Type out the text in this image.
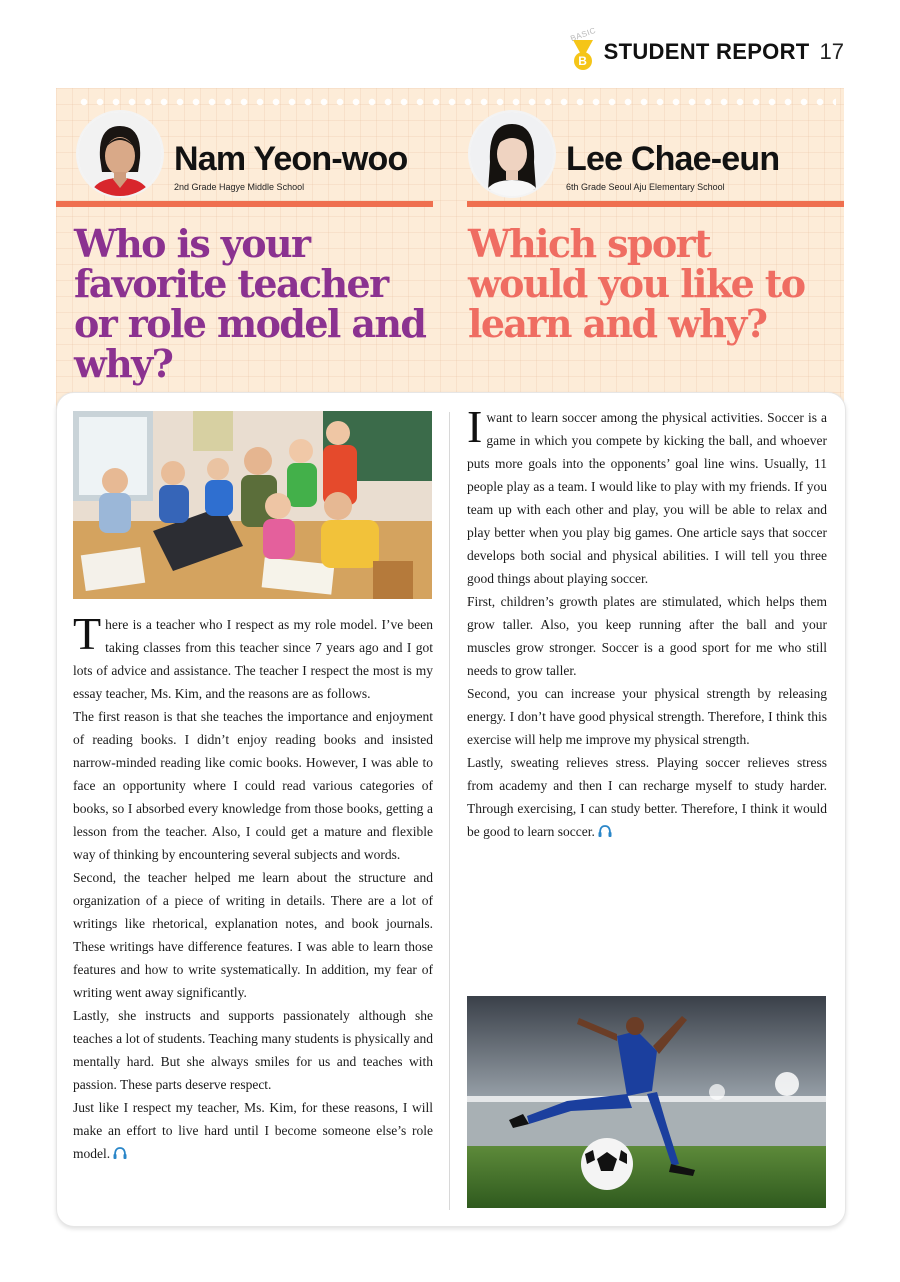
BASIC
B STUDENT REPORT 17
Nam Yeon-woo
2nd Grade Hagye Middle School
Lee Chae-eun
6th Grade Seoul Aju Elementary School
Who is your favorite teacher or role model and why?
Which sport would you like to learn and why?

There is a teacher who I respect as my role model. I’ve been taking classes from this teacher since 7 years ago and I got lots of advice and assistance. The teacher I respect the most is my essay teacher, Ms. Kim, and the reasons are as follows.

The first reason is that she teaches the importance and enjoyment of reading books. I didn’t enjoy reading books and insisted narrow-minded reading like comic books. However, I was able to face an opportunity where I could read various categories of books, so I absorbed every knowledge from those books, getting a lesson from the teacher. Also, I could get a mature and flexible way of thinking by encountering several subjects and words.

Second, the teacher helped me learn about the structure and organization of a piece of writing in details. There are a lot of writings like rhetorical, explanation notes, and book journals. These writings have difference features. I was able to learn those features and how to write systematically. In addition, my fear of writing went away significantly.

Lastly, she instructs and supports passionately although she teaches a lot of students. Teaching many students is physically and mentally hard. But she always smiles for us and teaches with passion. These parts deserve respect.

Just like I respect my teacher, Ms. Kim, for these reasons, I will make an effort to live hard until I become someone else’s role model.

Iwant to learn soccer among the physical activities. Soccer is a game in which you compete by kicking the ball, and whoever puts more goals into the opponents’ goal line wins. Usually, 11 people play as a team. I would like to play with my friends. If you team up with each other and play, you will be able to relax and play better when you play big games. One article says that soccer develops both social and physical abilities. I will tell you three good things about playing soccer.

First, children’s growth plates are stimulated, which helps them grow taller. Also, you keep running after the ball and your muscles grow stronger. Soccer is a good sport for me who still needs to grow taller.

Second, you can increase your physical strength by releasing energy. I don’t have good physical strength. Therefore, I think this exercise will help me improve my physical strength.

Lastly, sweating relieves stress. Playing soccer relieves stress from academy and then I can recharge myself to study harder. Through exercising, I can study better. Therefore, I think it would be good to learn soccer.
